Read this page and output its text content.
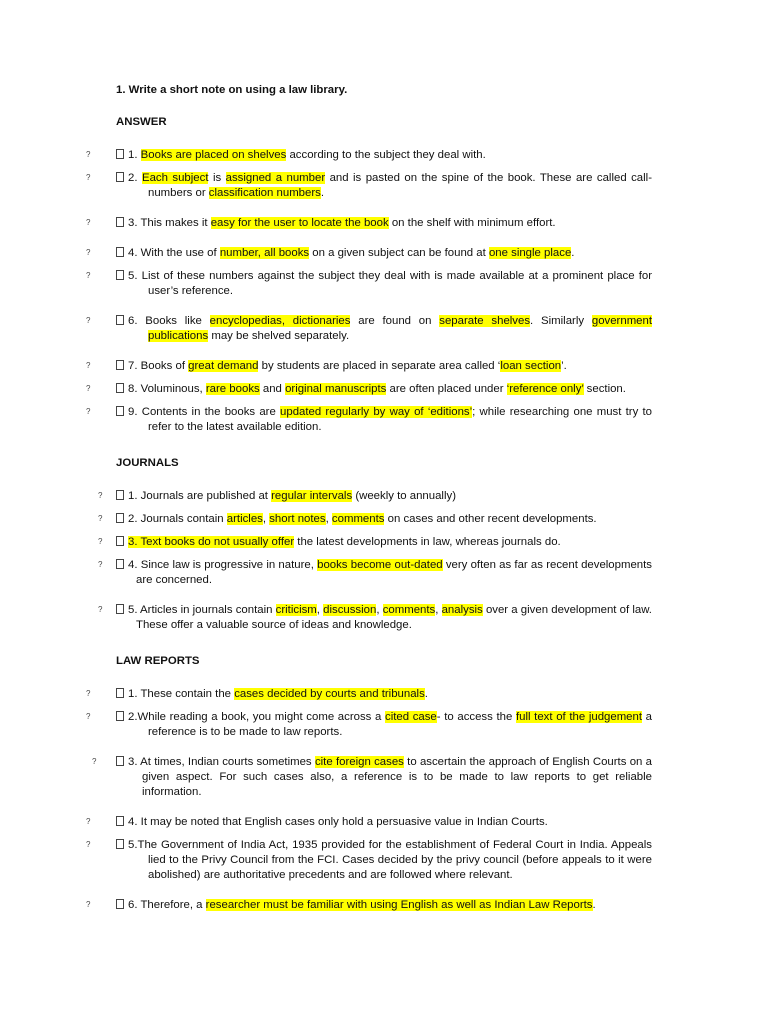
1. Write a short note on using a law library.
ANSWER
?1. Books are placed on shelves according to the subject they deal with.
?2. Each subject is assigned a number and is pasted on the spine of the book. These are called call-numbers or classification numbers.
?3. This makes it easy for the user to locate the book on the shelf with minimum effort.
?4. With the use of number, all books on a given subject can be found at one single place.
?5. List of these numbers against the subject they deal with is made available at a prominent place for user’s reference.
?6. Books like encyclopedias, dictionaries are found on separate shelves. Similarly government publications may be shelved separately.
?7. Books of great demand by students are placed in separate area called ‘loan section’.
?8. Voluminous, rare books and original manuscripts are often placed under ‘reference only’ section.
?9. Contents in the books are updated regularly by way of ‘editions’; while researching one must try to refer to the latest available edition.
JOURNALS
?1. Journals are published at regular intervals (weekly to annually)
?2. Journals contain articles, short notes, comments on cases and other recent developments.
?3. Text books do not usually offer the latest developments in law, whereas journals do.
?4. Since law is progressive in nature, books become out-dated very often as far as recent developments are concerned.
?5. Articles in journals contain criticism, discussion, comments, analysis over a given development of law. These offer a valuable source of ideas and knowledge.
LAW REPORTS
?1. These contain the cases decided by courts and tribunals.
?2.While reading a book, you might come across a cited case- to access the full text of the judgement a reference is to be made to law reports.
?3. At times, Indian courts sometimes cite foreign cases to ascertain the approach of English Courts on a given aspect. For such cases also, a reference is to be made to law reports to get reliable information.
?4. It may be noted that English cases only hold a persuasive value in Indian Courts.
?5.The Government of India Act, 1935 provided for the establishment of Federal Court in India. Appeals lied to the Privy Council from the FCI. Cases decided by the privy council (before appeals to it were abolished) are authoritative precedents and are followed where relevant.
?6. Therefore, a researcher must be familiar with using English as well as Indian Law Reports.
